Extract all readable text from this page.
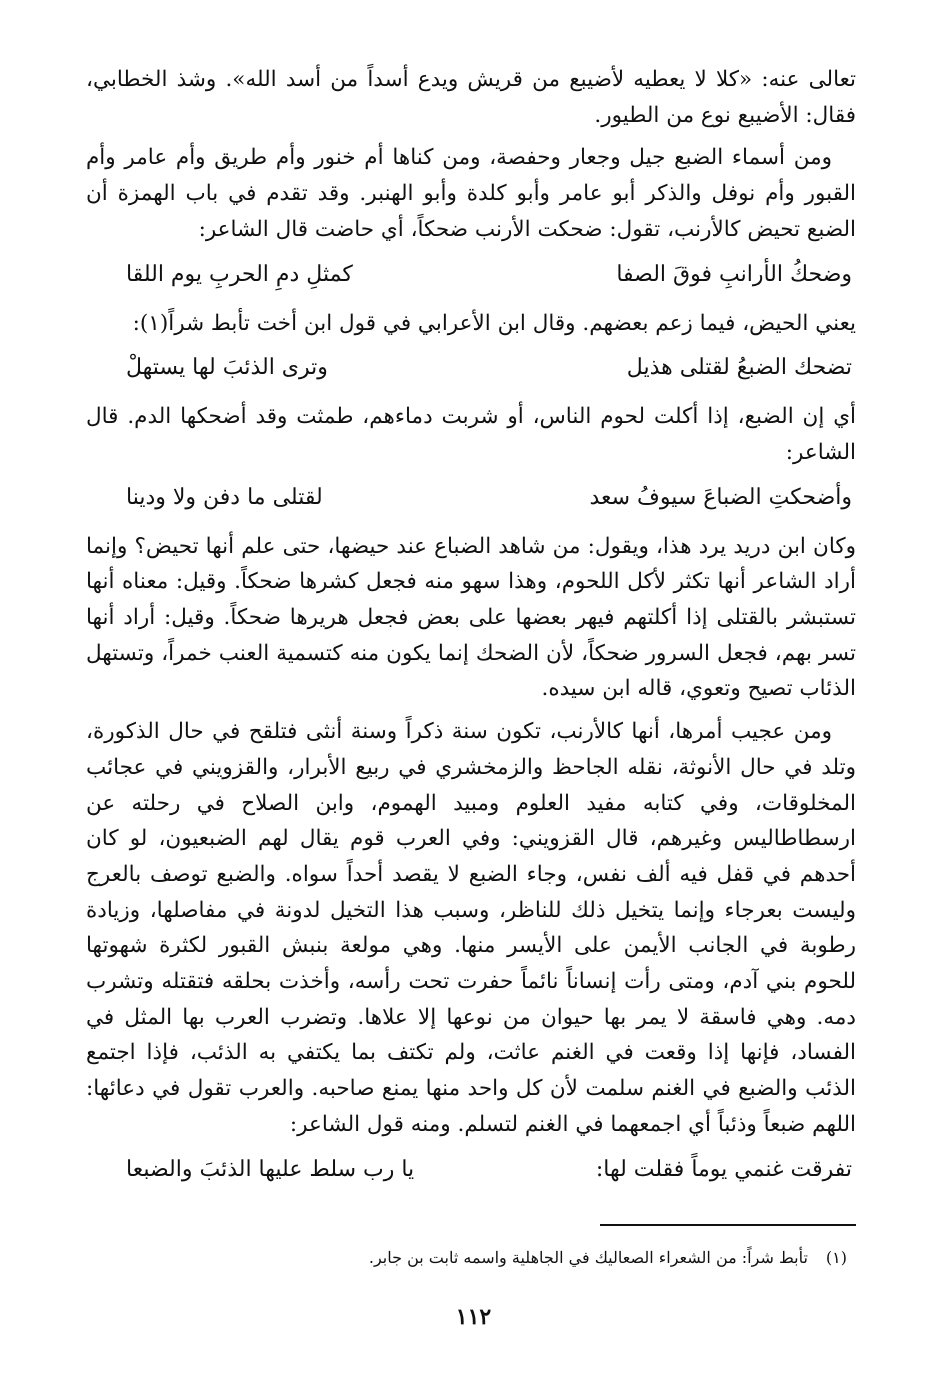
تعالى عنه: «كلا لا يعطيه لأضيبع من قريش ويدع أسداً من أسد الله». وشذ الخطابي، فقال: الأضيبع نوع من الطيور.

ومن أسماء الضبع جيل وجعار وحفصة، ومن كناها أم خنور وأم طريق وأم عامر وأم القبور وأم نوفل والذكر أبو عامر وأبو كلدة وأبو الهنبر. وقد تقدم في باب الهمزة أن الضبع تحيض كالأرنب، تقول: ضحكت الأرنب ضحكاً، أي حاضت قال الشاعر:

وضحكُ الأرانبِ فوقَ الصفا
كمثلِ دمِ الحربِ يوم اللقا

يعني الحيض، فيما زعم بعضهم. وقال ابن الأعرابي في قول ابن أخت تأبط شراً(١):

تضحك الضبعُ لقتلى هذيل
وترى الذئبَ لها يستهلْ

أي إن الضبع، إذا أكلت لحوم الناس، أو شربت دماءهم، طمثت وقد أضحكها الدم. قال الشاعر:

وأضحكتِ الضباعَ سيوفُ سعد
لقتلى ما دفن ولا ودينا

وكان ابن دريد يرد هذا، ويقول: من شاهد الضباع عند حيضها، حتى علم أنها تحيض؟ وإنما أراد الشاعر أنها تكثر لأكل اللحوم، وهذا سهو منه فجعل كشرها ضحكاً. وقيل: معناه أنها تستبشر بالقتلى إذا أكلتهم فيهر بعضها على بعض فجعل هريرها ضحكاً. وقيل: أراد أنها تسر بهم، فجعل السرور ضحكاً، لأن الضحك إنما يكون منه كتسمية العنب خمراً، وتستهل الذئاب تصيح وتعوي، قاله ابن سيده.

ومن عجيب أمرها، أنها كالأرنب، تكون سنة ذكراً وسنة أنثى فتلقح في حال الذكورة، وتلد في حال الأنوثة، نقله الجاحظ والزمخشري في ربيع الأبرار، والقزويني في عجائب المخلوقات، وفي كتابه مفيد العلوم ومبيد الهموم، وابن الصلاح في رحلته عن ارسطاطاليس وغيرهم، قال القزويني: وفي العرب قوم يقال لهم الضبعيون، لو كان أحدهم في قفل فيه ألف نفس، وجاء الضبع لا يقصد أحداً سواه. والضبع توصف بالعرج وليست بعرجاء وإنما يتخيل ذلك للناظر، وسبب هذا التخيل لدونة في مفاصلها، وزيادة رطوبة في الجانب الأيمن على الأيسر منها. وهي مولعة بنبش القبور لكثرة شهوتها للحوم بني آدم، ومتى رأت إنساناً نائماً حفرت تحت رأسه، وأخذت بحلقه فتقتله وتشرب دمه. وهي فاسقة لا يمر بها حيوان من نوعها إلا علاها. وتضرب العرب بها المثل في الفساد، فإنها إذا وقعت في الغنم عاثت، ولم تكتف بما يكتفي به الذئب، فإذا اجتمع الذئب والضبع في الغنم سلمت لأن كل واحد منها يمنع صاحبه. والعرب تقول في دعائها: اللهم ضبعاً وذئباً أي اجمعهما في الغنم لتسلم. ومنه قول الشاعر:

تفرقت غنمي يوماً فقلت لها:
يا رب سلط عليها الذئبَ والضبعا
(١)تأبط شراً: من الشعراء الصعاليك في الجاهلية واسمه ثابت بن جابر.
١١٢
